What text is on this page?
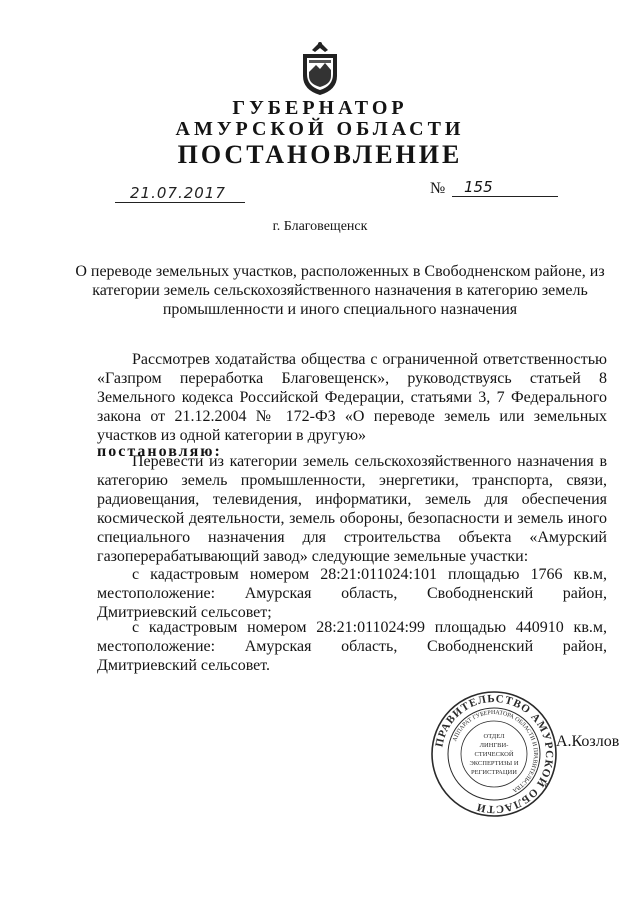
ГУБЕРНАТОР
АМУРСКОЙ ОБЛАСТИ
ПОСТАНОВЛЕНИЕ
21.07.2017	№ 155
г. Благовещенск
О переводе земельных участков, расположенных в Свободненском районе, из категории земель сельскохозяйственного назначения в категорию земель промышленности и иного специального назначения
Рассмотрев ходатайства общества с ограниченной ответственностью «Газпром переработка Благовещенск», руководствуясь статьей 8 Земельного кодекса Российской Федерации, статьями 3, 7 Федерального закона от 21.12.2004 № 172-ФЗ «О переводе земель или земельных участков из одной категории в другую»
постановляю:
Перевести из категории земель сельскохозяйственного назначения в категорию земель промышленности, энергетики, транспорта, связи, радиовещания, телевидения, информатики, земель для обеспечения космической деятельности, земель обороны, безопасности и земель иного специального назначения для строительства объекта «Амурский газоперерабатывающий завод» следующие земельные участки:
с кадастровым номером 28:21:011024:101 площадью 1766 кв.м, местоположение: Амурская область, Свободненский район, Дмитриевский сельсовет;
с кадастровым номером 28:21:011024:99 площадью 440910 кв.м, местоположение: Амурская область, Свободненский район, Дмитриевский сельсовет.
ПРАВИТЕЛЬСТВО АМУРСКОЙ ОБЛАСТИ
АППАРАТ ГУБЕРНАТОРА ОБЛАСТИ И ПРАВИТЕЛЬСТВА
ОТДЕЛ
ЛИНГВИ-
СТИЧЕСКОЙ
ЭКСПЕРТИЗЫ И
РЕГИСТРАЦИИ
А.Козлов
